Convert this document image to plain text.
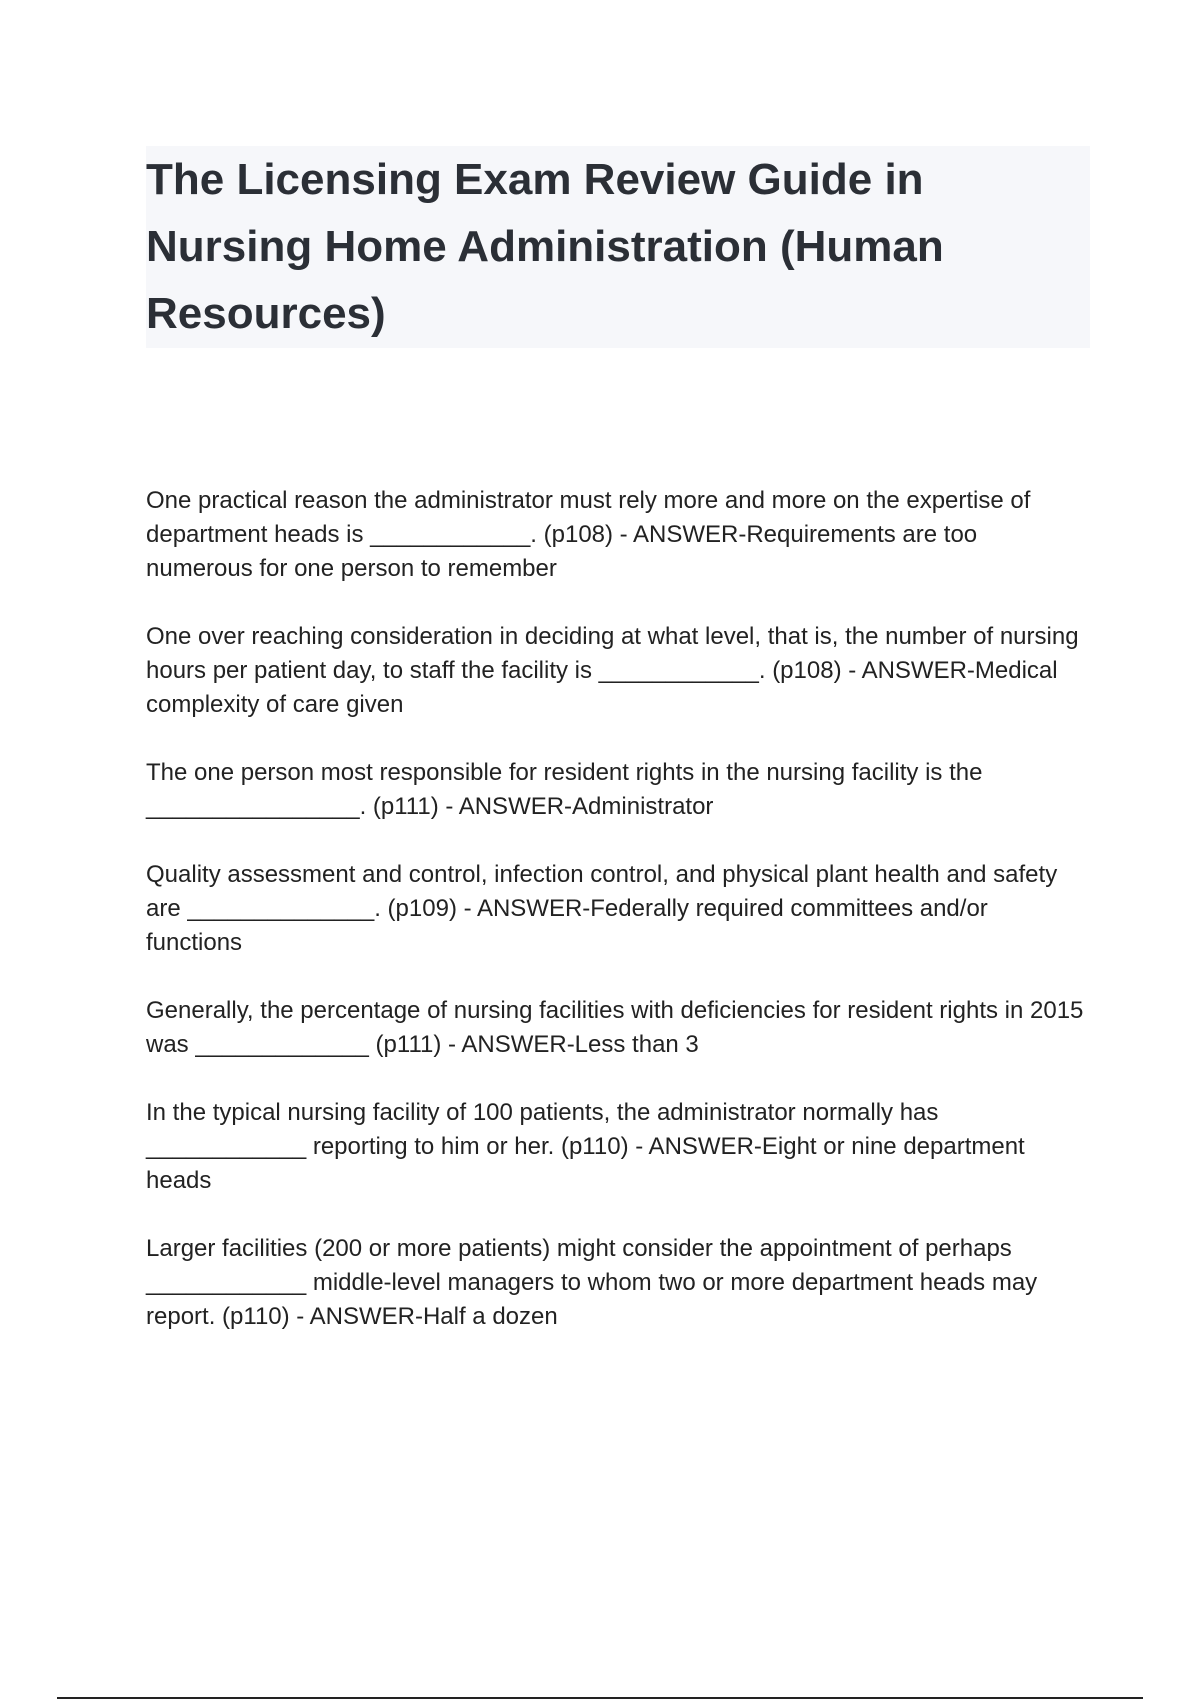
The Licensing Exam Review Guide in Nursing Home Administration (Human Resources)

One practical reason the administrator must rely more and more on the expertise of department heads is ____________. (p108) - ANSWER-Requirements are too numerous for one person to remember

One over reaching consideration in deciding at what level, that is, the number of nursing hours per patient day, to staff the facility is ____________. (p108) - ANSWER-Medical complexity of care given

The one person most responsible for resident rights in the nursing facility is the ________________. (p111) - ANSWER-Administrator

Quality assessment and control, infection control, and physical plant health and safety are ______________. (p109) - ANSWER-Federally required committees and/or functions

Generally, the percentage of nursing facilities with deficiencies for resident rights in 2015 was _____________ (p111) - ANSWER-Less than 3

In the typical nursing facility of 100 patients, the administrator normally has ____________ reporting to him or her. (p110) - ANSWER-Eight or nine department heads

Larger facilities (200 or more patients) might consider the appointment of perhaps ____________ middle-level managers to whom two or more department heads may report. (p110) - ANSWER-Half a dozen
